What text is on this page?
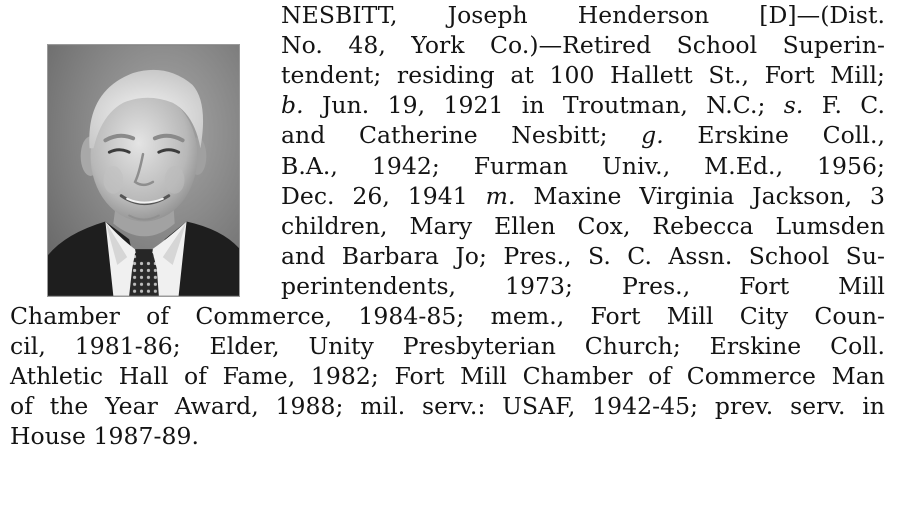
NESBITT, Joseph Henderson [D]—(Dist.
No. 48, York Co.)—Retired School Superin-
tendent; residing at 100 Hallett St., Fort Mill;
b. Jun. 19, 1921 in Troutman, N.C.; s. F. C.
and Catherine Nesbitt; g. Erskine Coll.,
B.A., 1942; Furman Univ., M.Ed., 1956;
Dec. 26, 1941 m. Maxine Virginia Jackson, 3
children, Mary Ellen Cox, Rebecca Lumsden
and Barbara Jo; Pres., S. C. Assn. School Su-
perintendents, 1973; Pres., Fort Mill
Chamber of Commerce, 1984-85; mem., Fort Mill City Coun-
cil, 1981-86; Elder, Unity Presbyterian Church; Erskine Coll.
Athletic Hall of Fame, 1982; Fort Mill Chamber of Commerce Man
of the Year Award, 1988; mil. serv.: USAF, 1942-45; prev. serv. in
House 1987-89.
